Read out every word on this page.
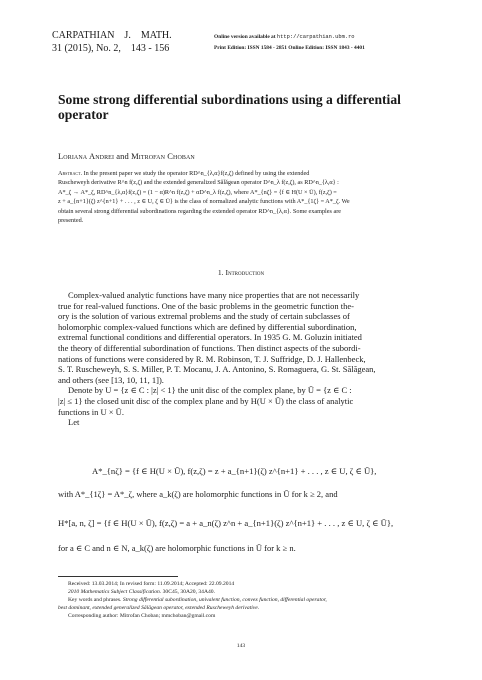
CARPATHIAN    J.    MATH.
31 (2015), No. 2,    143 - 156
Online version available at http://carpathian.ubm.ro
Print Edition: ISSN 1584 - 2851 Online Edition: ISSN 1843 - 4401
Some strong differential subordinations using a differential operator
Loriana Andrei and Mitrofan Choban
Abstract. In the present paper we study the operator RD^n_{λ,α}f(z,ζ) defined by using the extended
Ruscheweyh derivative R^n f(z,ζ) and the extended generalized Sălăgean operator D^n_λ f(z,ζ), as RD^n_{λ,α} :
A*_ζ → A*_ζ, RD^n_{λ,α}f(z,ζ) = (1 − α)R^n f(z,ζ) + αD^n_λ f(z,ζ), where A*_{nζ} = {f ∈ H(U × Ū), f(z,ζ) =
z + a_{n+1}(ζ) z^{n+1} + . . . , z ∈ U, ζ ∈ Ū} is the class of normalized analytic functions with A*_{1ζ} = A*_ζ. We
obtain several strong differential subordinations regarding the extended operator RD^n_{λ,α}. Some examples are
presented.
1. Introduction
Complex-valued analytic functions have many nice properties that are not necessarily
true for real-valued functions. One of the basic problems in the geometric function the-
ory is the solution of various extremal problems and the study of certain subclasses of
holomorphic complex-valued functions which are defined by differential subordination,
extremal functional conditions and differential operators. In 1935 G. M. Goluzin initiated
the theory of differential subordination of functions. Then distinct aspects of the subordi-
nations of functions were considered by R. M. Robinson, T. J. Suffridge, D. J. Hallenbeck,
S. T. Ruscheweyh, S. S. Miller, P. T. Mocanu, J. A. Antonino, S. Romaguera, G. St. Sălăgean,
and others (see [13, 10, 11, 1]).
Denote by U = {z ∈ C : |z| < 1} the unit disc of the complex plane, by Ū = {z ∈ C :
|z| ≤ 1} the closed unit disc of the complex plane and by H(U × Ū) the class of analytic
functions in U × Ū.
Let
A*_{nζ} = {f ∈ H(U × Ū), f(z,ζ) = z + a_{n+1}(ζ) z^{n+1} + . . . , z ∈ U, ζ ∈ Ū},
with A*_{1ζ} = A*_ζ, where a_k(ζ) are holomorphic functions in Ū for k ≥ 2, and
H*[a, n, ζ] = {f ∈ H(U × Ū), f(z,ζ) = a + a_n(ζ) z^n + a_{n+1}(ζ) z^{n+1} + . . . , z ∈ U, ζ ∈ Ū},
for a ∈ C and n ∈ N, a_k(ζ) are holomorphic functions in Ū for k ≥ n.
Received: 13.03.2014; In revised form: 11.09.2014; Accepted: 22.09.2014
2010 Mathematics Subject Classification. 30C45, 30A20, 34A40.
Key words and phrases. Strong differential subordination, univalent function, convex function, differential operator,
best dominant, extended generalized Sălăgean operator, extended Ruscheweyh derivative.
Corresponding author: Mitrofan Choban; mmchoban@gmail.com
143
